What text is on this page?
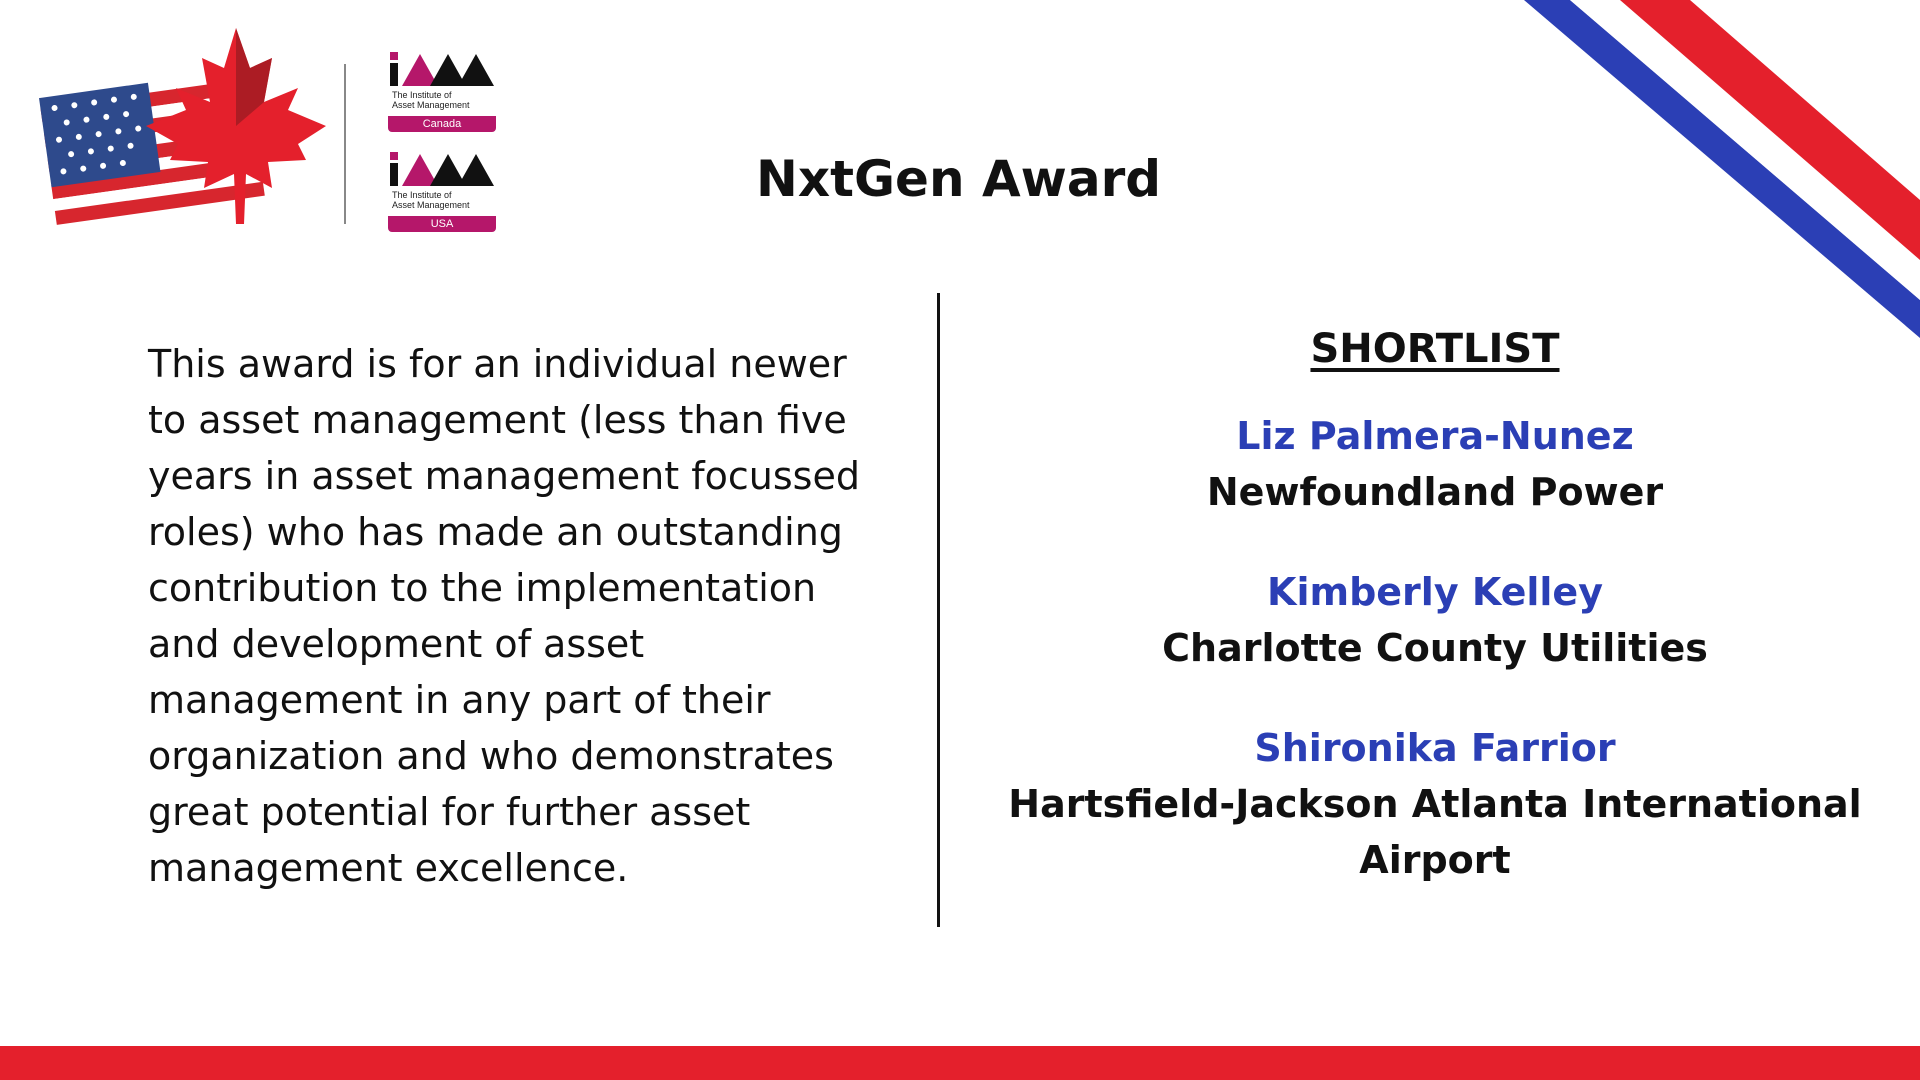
The Institute of
Asset Management
Canada
The Institute of
Asset Management
USA
NxtGen Award
This award is for an individual newer to asset management (less than five years in asset management focussed roles) who has made an outstanding contribution to the implementation and development of asset management in any part of their organization and who demonstrates great potential for further asset management excellence.
SHORTLIST
Liz Palmera-Nunez
Newfoundland Power
Kimberly Kelley
Charlotte County Utilities
Shironika Farrior
Hartsfield-Jackson Atlanta International Airport
